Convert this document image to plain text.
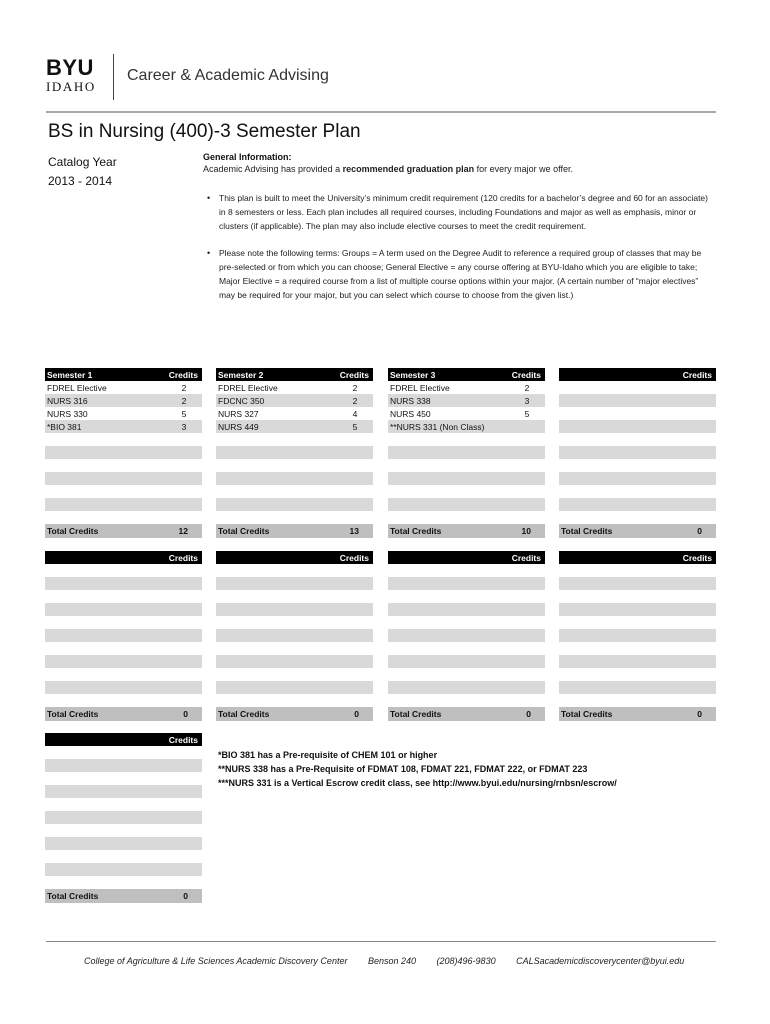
BYU
IDAHO
Career & Academic Advising
BS in Nursing (400)-3 Semester Plan
Catalog Year
2013 - 2014
General Information:
Academic Advising has provided a recommended graduation plan for every major we offer.
• This plan is built to meet the University’s minimum credit requirement (120 credits for a bachelor’s degree and 60 for an associate) in 8 semesters or less. Each plan includes all required courses, including Foundations and major as well as emphasis, minor or clusters (if applicable). The plan may also include elective courses to meet the credit requirement.
• Please note the following terms: Groups = A term used on the Degree Audit to reference a required group of classes that may be pre-selected or from which you can choose; General Elective = any course offering at BYU-Idaho which you are eligible to take; Major Elective = a required course from a list of multiple course options within your major. (A certain number of “major electives” may be required for your major, but you can select which course to choose from the given list.)
Semester 1	Credits
FDREL Elective	2
NURS 316	2
NURS 330	5
*BIO 381	3
Total Credits	12
Semester 2	Credits
FDREL Elective	2
FDCNC 350	2
NURS 327	4
NURS 449	5
Total Credits	13
Semester 3	Credits
FDREL Elective	2
NURS 338	3
NURS 450	5
**NURS 331 (Non Class)
Total Credits	10
Credits
Total Credits	0
Credits
Total Credits	0
Credits
Total Credits	0
Credits
Total Credits	0
Credits
Total Credits	0
Credits
Total Credits	0
*BIO 381 has a Pre-requisite of CHEM 101 or higher
**NURS 338 has a Pre-Requisite of FDMAT 108, FDMAT 221, FDMAT 222, or FDMAT 223
***NURS 331 is a Vertical Escrow credit class, see http://www.byui.edu/nursing/rnbsn/escrow/
College of Agriculture & Life Sciences Academic Discovery Center Benson 240 (208)496-9830 CALSacademicdiscoverycenter@byui.edu
